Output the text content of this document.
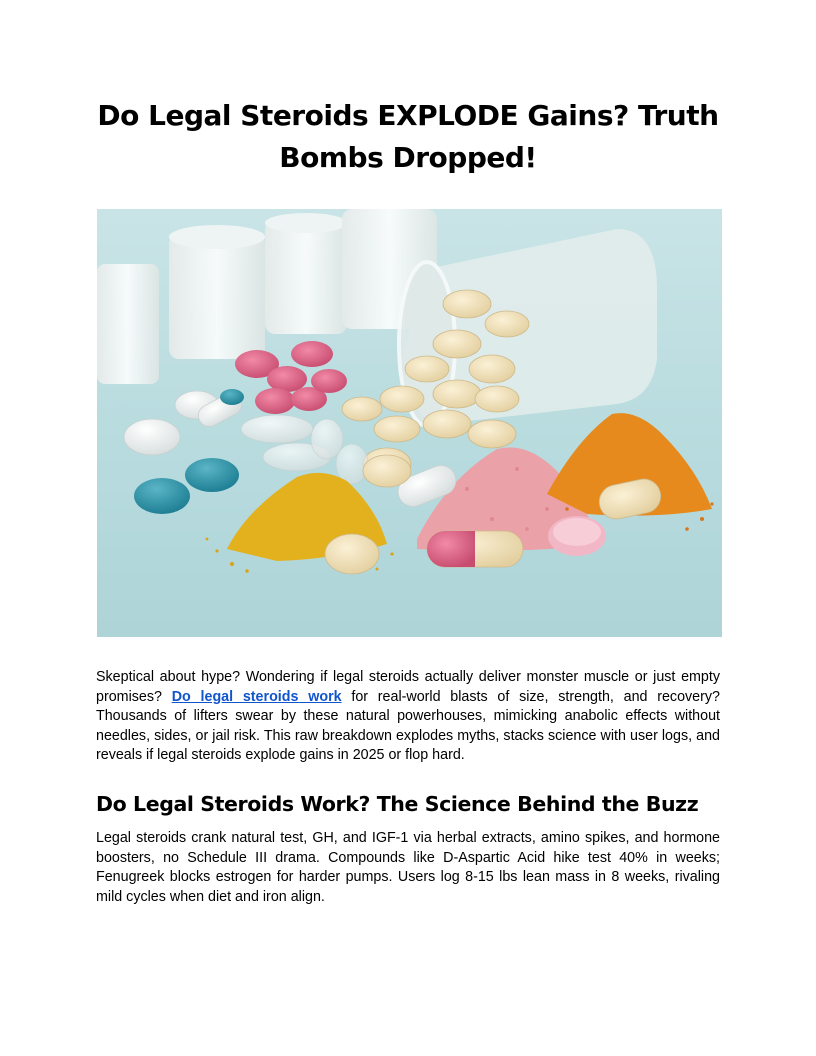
Do Legal Steroids EXPLODE Gains? Truth Bombs Dropped!

Skeptical about hype? Wondering if legal steroids actually deliver monster muscle or just empty promises? Do legal steroids work for real-world blasts of size, strength, and recovery? Thousands of lifters swear by these natural powerhouses, mimicking anabolic effects without needles, sides, or jail risk. This raw breakdown explodes myths, stacks science with user logs, and reveals if legal steroids explode gains in 2025 or flop hard.

Do Legal Steroids Work? The Science Behind the Buzz

Legal steroids crank natural test, GH, and IGF-1 via herbal extracts, amino spikes, and hormone boosters, no Schedule III drama. Compounds like D-Aspartic Acid hike test 40% in weeks; Fenugreek blocks estrogen for harder pumps. Users log 8-15 lbs lean mass in 8 weeks, rivaling mild cycles when diet and iron align.
